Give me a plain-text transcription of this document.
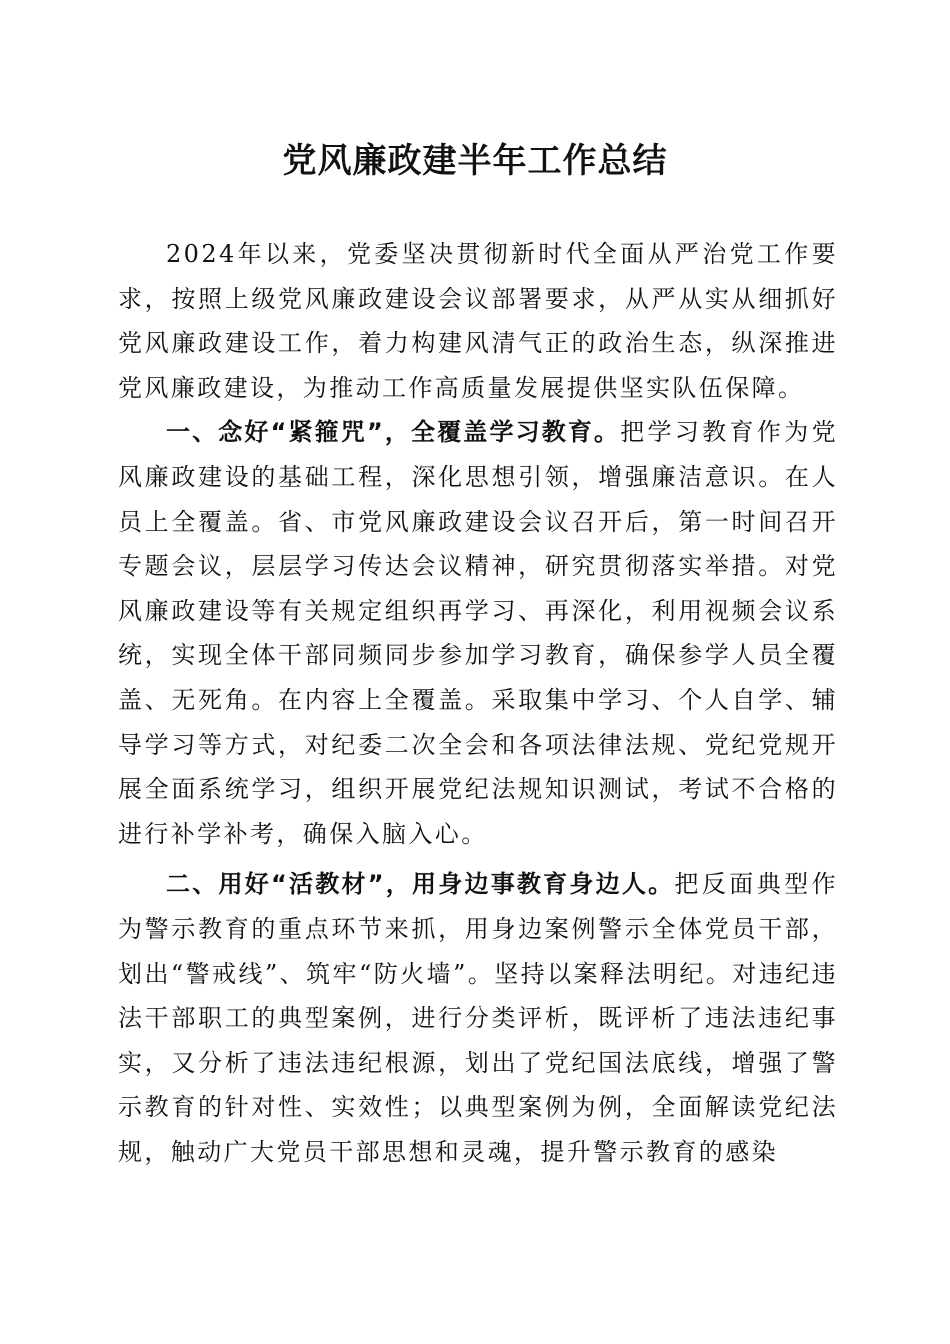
党风廉政建半年工作总结

2024年以来，党委坚决贯彻新时代全面从严治党工作要求，按照上级党风廉政建设会议部署要求，从严从实从细抓好党风廉政建设工作，着力构建风清气正的政治生态，纵深推进党风廉政建设，为推动工作高质量发展提供坚实队伍保障。

一、念好“紧箍咒”，全覆盖学习教育。把学习教育作为党风廉政建设的基础工程，深化思想引领，增强廉洁意识。在人员上全覆盖。省、市党风廉政建设会议召开后，第一时间召开专题会议，层层学习传达会议精神，研究贯彻落实举措。对党风廉政建设等有关规定组织再学习、再深化，利用视频会议系统，实现全体干部同频同步参加学习教育，确保参学人员全覆盖、无死角。在内容上全覆盖。采取集中学习、个人自学、辅导学习等方式，对纪委二次全会和各项法律法规、党纪党规开展全面系统学习，组织开展党纪法规知识测试，考试不合格的进行补学补考，确保入脑入心。

二、用好“活教材”，用身边事教育身边人。把反面典型作为警示教育的重点环节来抓，用身边案例警示全体党员干部，划出“警戒线”、筑牢“防火墙”。坚持以案释法明纪。对违纪违法干部职工的典型案例，进行分类评析，既评析了违法违纪事实，又分析了违法违纪根源，划出了党纪国法底线，增强了警示教育的针对性、实效性；以典型案例为例，全面解读党纪法规，触动广大党员干部思想和灵魂，提升警示教育的感染
